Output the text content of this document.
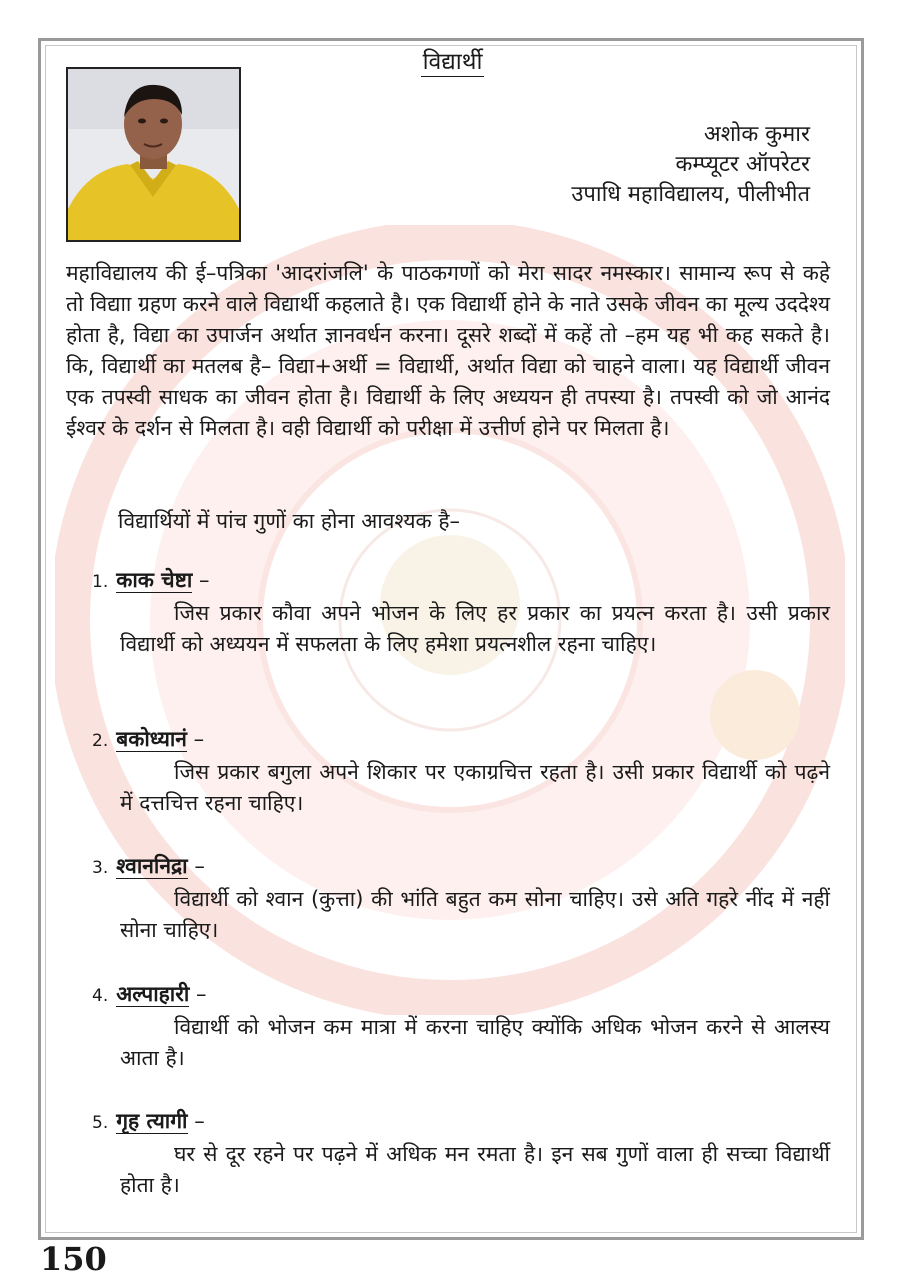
विद्यार्थी
अशोक कुमार
कम्प्यूटर ऑपरेटर
उपाधि महाविद्यालय, पीलीभीत

महाविद्यालय की ई–पत्रिका 'आदरांजलि' के पाठकगणों को मेरा सादर नमस्कार। सामान्य रूप से कहे तो विद्याा ग्रहण करने वाले विद्यार्थी कहलाते है। एक विद्यार्थी होने के नाते उसके जीवन का मूल्य उददेश्य होता है, विद्या का उपार्जन अर्थात ज्ञानवर्धन करना। दूसरे शब्दों में कहें तो –हम यह भी कह सकते है। कि, विद्यार्थी का मतलब है– विद्या+अर्थी = विद्यार्थी, अर्थात विद्या को चाहने वाला। यह विद्यार्थी जीवन एक तपस्वी साधक का जीवन होता है। विद्यार्थी के लिए अध्ययन ही तपस्या है। तपस्वी को जो आनंद ईश्वर के दर्शन से मिलता है। वही विद्यार्थी को परीक्षा में उत्तीर्ण होने पर मिलता है।

विद्यार्थियों में पांच गुणों का होना आवश्यक है–

1. काक चेष्टा –
जिस प्रकार कौवा अपने भोजन के लिए हर प्रकार का प्रयत्न करता है। उसी प्रकार विद्यार्थी को अध्ययन में सफलता के लिए हमेशा प्रयत्नशील रहना चाहिए।
2. बकोध्यानं –
जिस प्रकार बगुला अपने शिकार पर एकाग्रचित्त रहता है। उसी प्रकार विद्यार्थी को पढ़ने में दत्तचित्त रहना चाहिए।
3. श्वाननिद्रा –
विद्यार्थी को श्वान (कुत्ता) की भांति बहुत कम सोना चाहिए। उसे अति गहरे नींद में नहीं सोना चाहिए।
4. अल्पाहारी –
विद्यार्थी को भोजन कम मात्रा में करना चाहिए क्योंकि अधिक भोजन करने से आलस्य आता है।
5. गृह त्यागी –
घर से दूर रहने पर पढ़ने में अधिक मन रमता है। इन सब गुणों वाला ही सच्चा विद्यार्थी होता है।
150
